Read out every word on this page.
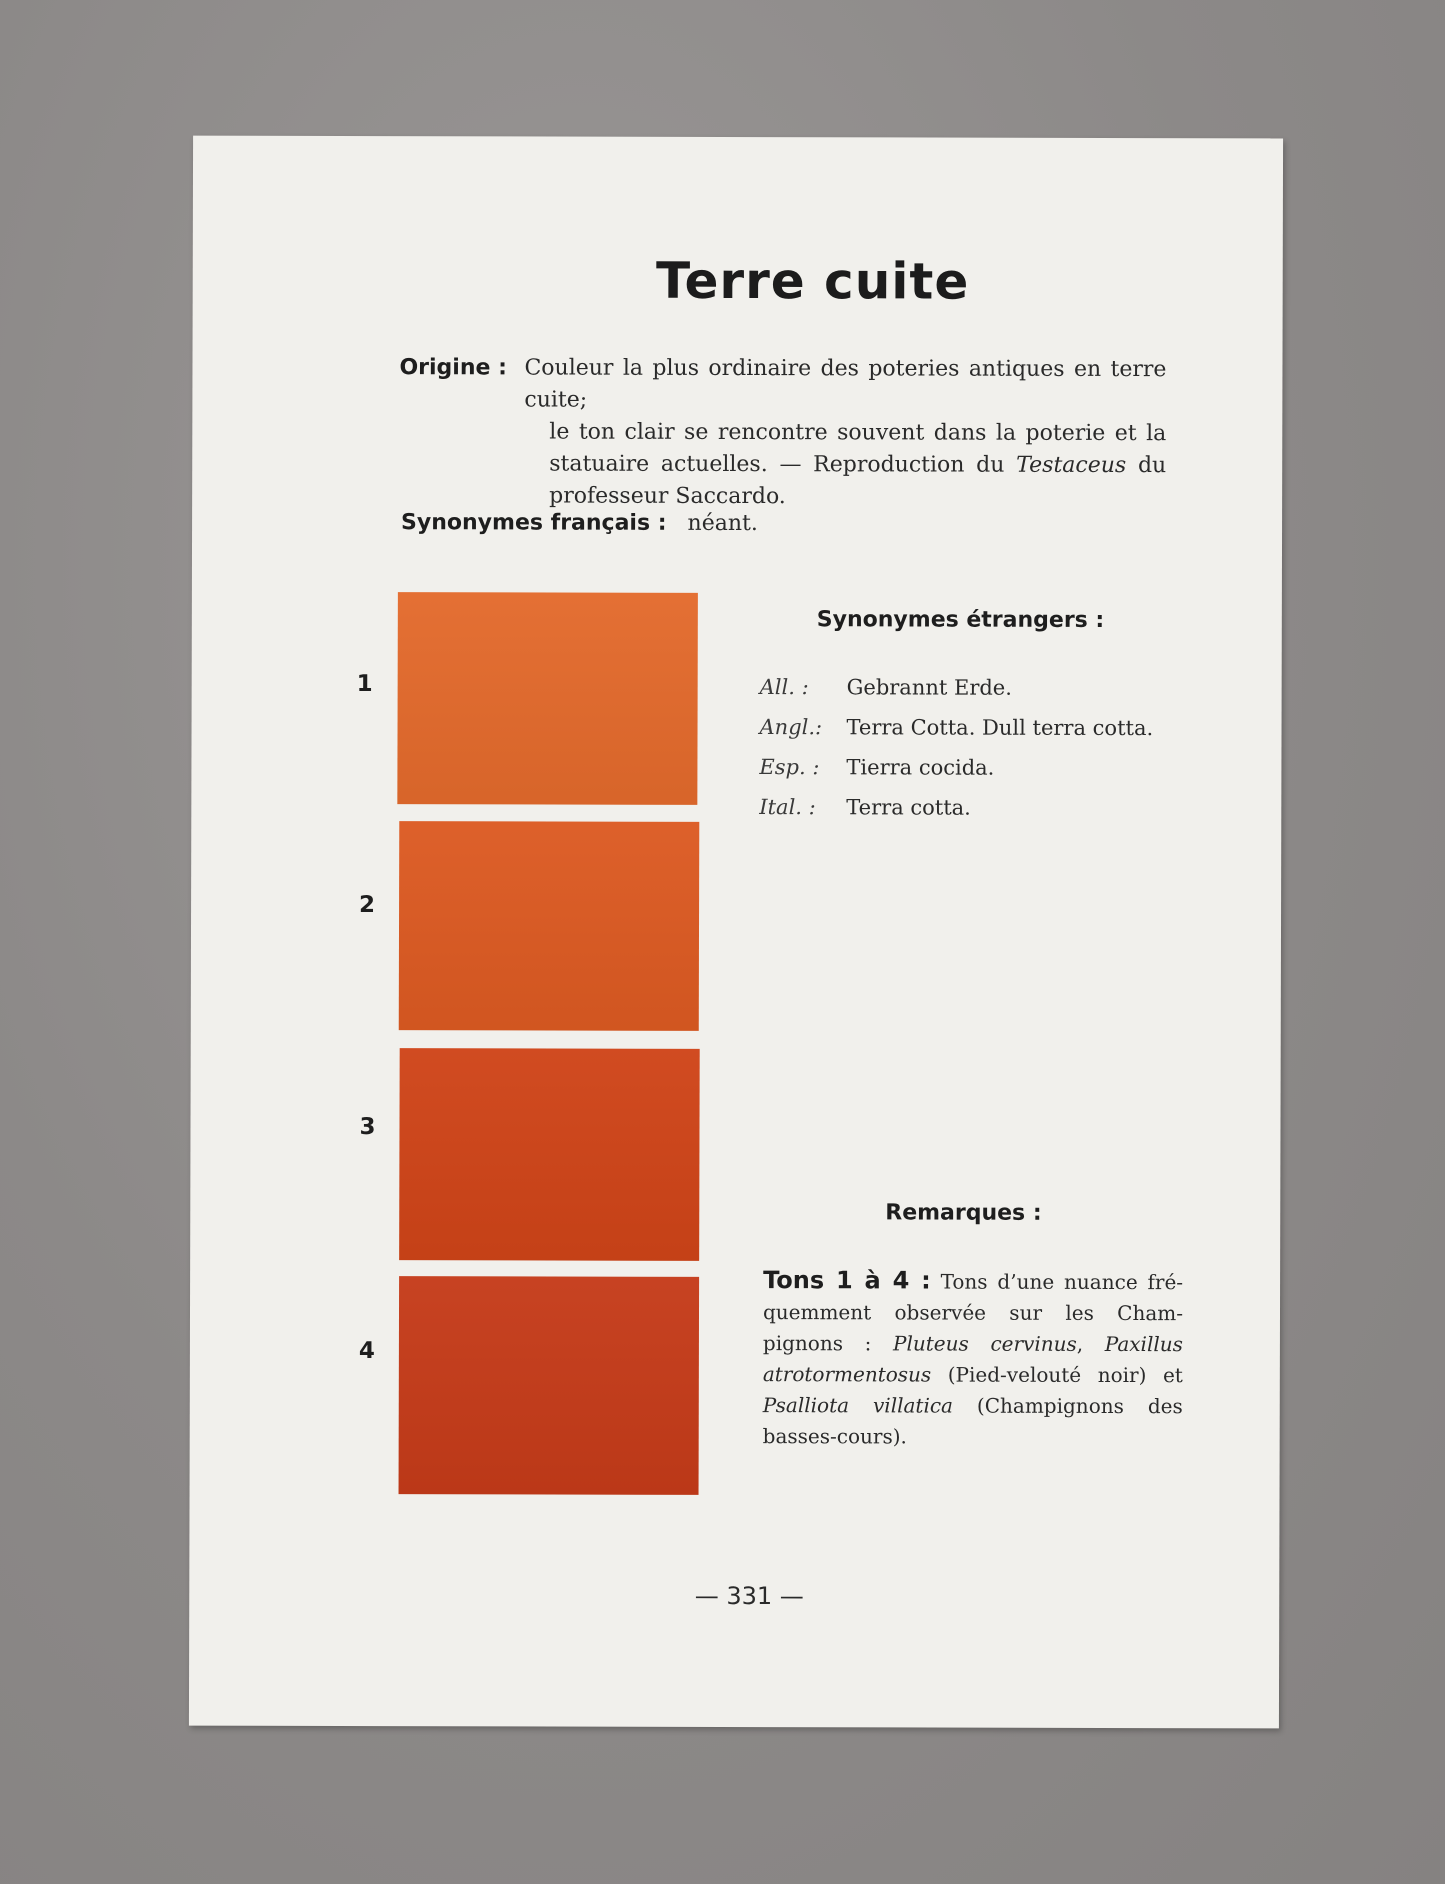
Terre cuite
Origine : Couleur la plus ordinaire des poteries antiques en terre cuite;
le ton clair se rencontre souvent dans la poterie et la statuaire actuelles. — Reproduction du Testaceus du professeur Saccardo.
Synonymes français : néant.
1
2
3
4
Synonymes étrangers :
All. : Gebrannt Erde.
Angl.: Terra Cotta. Dull terra cotta.
Esp. : Tierra cocida.
Ital. : Terra cotta.
Remarques :
Tons 1 à 4 : Tons d’une nuance fré-quemment observée sur les Cham-pignons : Pluteus cervinus, Paxillus atrotormentosus (Pied-velouté noir) et Psalliota villatica (Champignons des basses-cours).
— 331 —
